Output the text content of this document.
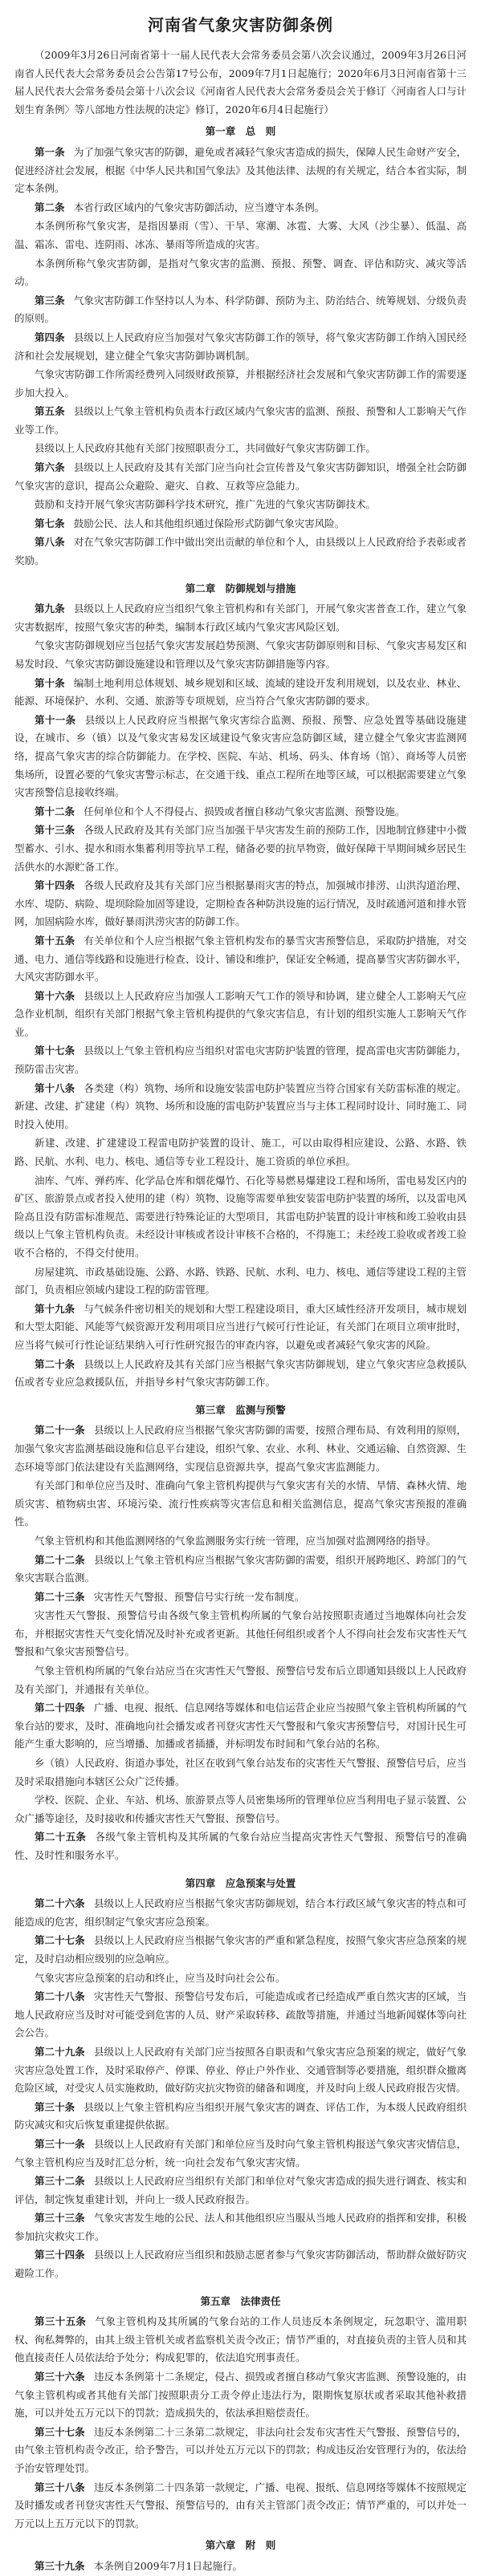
河南省气象灾害防御条例
（2009年3月26日河南省第十一届人民代表大会常务委员会第八次会议通过，2009年3月26日河南省人民代表大会常务委员会公告第17号公布，2009年7月1日起施行；2020年6月3日河南省第十三届人民代表大会常务委员会第十八次会议《河南省人民代表大会常务委员会关于修订〈河南省人口与计划生育条例〉等八部地方性法规的决定》修订，2020年6月4日起施行）
第一章　总　则
第一条 为了加强气象灾害的防御，避免或者减轻气象灾害造成的损失，保障人民生命财产安全，促进经济社会发展，根据《中华人民共和国气象法》及其他法律、法规的有关规定，结合本省实际，制定本条例。
第二条 本省行政区域内的气象灾害防御活动，应当遵守本条例。
本条例所称气象灾害，是指因暴雨（雪）、干旱、寒潮、冰雹、大雾、大风（沙尘暴）、低温、高温、霜冻、雷电、连阴雨、冰冻、暴雨等所造成的灾害。
本条例所称气象灾害防御，是指对气象灾害的监测、预报、预警、调查、评估和防灾、减灾等活动。
第三条 气象灾害防御工作坚持以人为本、科学防御、预防为主、防治结合、统筹规划、分级负责的原则。
第四条 县级以上人民政府应当加强对气象灾害防御工作的领导，将气象灾害防御工作纳入国民经济和社会发展规划，建立健全气象灾害防御协调机制。
气象灾害防御工作所需经费列入同级财政预算，并根据经济社会发展和气象灾害防御工作的需要逐步加大投入。
第五条 县级以上气象主管机构负责本行政区域内气象灾害的监测、预报、预警和人工影响天气作业等工作。
县级以上人民政府其他有关部门按照职责分工，共同做好气象灾害防御工作。
第六条 县级以上人民政府及其有关部门应当向社会宣传普及气象灾害防御知识，增强全社会防御气象灾害的意识，提高公众避险、避灾、自救、互救等应急能力。
鼓励和支持开展气象灾害防御科学技术研究，推广先进的气象灾害防御技术。
第七条 鼓励公民、法人和其他组织通过保险形式防御气象灾害风险。
第八条 对在气象灾害防御工作中做出突出贡献的单位和个人，由县级以上人民政府给予表彰或者奖励。
第二章　防御规划与措施
第九条 县级以上人民政府应当组织气象主管机构和有关部门，开展气象灾害普查工作，建立气象灾害数据库，按照气象灾害的种类，编制本行政区域内气象灾害风险区划。
气象灾害防御规划应当包括气象灾害发展趋势预测、气象灾害防御原则和目标、气象灾害易发区和易发时段、气象灾害防御设施建设和管理以及气象灾害防御措施等内容。
第十条 编制土地利用总体规划、城乡规划和区域、流域的建设开发利用规划，以及农业、林业、能源、环境保护、水利、交通、旅游等专项规划，应当符合气象灾害防御的要求。
第十一条 县级以上人民政府应当根据气象灾害综合监测、预报、预警、应急处置等基础设施建设，在城市、乡（镇）以及气象灾害易发区域建设气象灾害应急防御区域，建立健全气象灾害监测网络，提高气象灾害的综合防御能力。在学校、医院、车站、机场、码头、体育场（馆）、商场等人员密集场所，设置必要的气象灾害警示标志，在交通干线、重点工程所在地等区域，可以根据需要建立气象灾害预警信息接收终端。
第十二条 任何单位和个人不得侵占、损毁或者擅自移动气象灾害监测、预警设施。
第十三条 各级人民政府及其有关部门应当加强干旱灾害发生前的预防工作，因地制宜修建中小微型蓄水、引水、提水和雨水集蓄利用等抗旱工程，储备必要的抗旱物资，做好保障干旱期间城乡居民生活供水的水源贮备工作。
第十四条 各级人民政府及其有关部门应当根据暴雨灾害的特点，加强城市排涝、山洪沟道治理、水库、堤防、病险、堤坝除险加固等建设，定期检查各种防洪设施的运行情况，及时疏通河道和排水管网，加固病险水库，做好暴雨洪涝灾害的防御工作。
第十五条 有关单位和个人应当根据气象主管机构发布的暴雪灾害预警信息，采取防护措施，对交通、电力、通信等线路和设施进行检查、设计、铺设和维护，保证安全畅通，提高暴雪灾害防御水平，大风灾害防御水平。
第十六条 县级以上人民政府应当加强人工影响天气工作的领导和协调，建立健全人工影响天气应急作业机制，组织有关部门根据气象主管机构提供的气象灾害信息，有计划的组织实施人工影响天气作业。
第十七条 县级以上气象主管机构应当组织对雷电灾害防护装置的管理，提高雷电灾害防御能力，预防雷击灾害。
第十八条 各类建（构）筑物、场所和设施安装雷电防护装置应当符合国家有关防雷标准的规定。新建、改建、扩建建（构）筑物、场所和设施的雷电防护装置应当与主体工程同时设计、同时施工、同时投入使用。
新建、改建、扩建建设工程雷电防护装置的设计、施工，可以由取得相应建设、公路、水路、铁路、民航、水利、电力、核电、通信等专业工程设计、施工资质的单位承担。
油库、气库、弹药库、化学品仓库和烟花爆竹、石化等易燃易爆建设工程和场所，雷电易发区内的矿区、旅游景点或者投入使用的建（构）筑物、设施等需要单独安装雷电防护装置的场所，以及雷电风险高且没有防雷标准规范、需要进行特殊论证的大型项目，其雷电防护装置的设计审核和竣工验收由县级以上气象主管机构负责。未经设计审核或者设计审核不合格的，不得施工；未经竣工验收或者竣工验收不合格的，不得交付使用。
房屋建筑、市政基础设施、公路、水路、铁路、民航、水利、电力、核电、通信等建设工程的主管部门，负责相应领域内建设工程的防雷管理。
第十九条 与气候条件密切相关的规划和大型工程建设项目，重大区域性经济开发项目，城市规划和大型太阳能、风能等气候资源开发利用项目应当进行气候可行性论证，有关部门在项目立项审批时，应当将气候可行性论证结果纳入可行性研究报告的审查内容，以避免或者减轻气象灾害的风险。
第二十条 县级以上人民政府及其有关部门应当根据气象灾害防御规划，建立气象灾害应急救援队伍或者专业应急救援队伍，并指导乡村气象灾害防御工作。
第三章　监测与预警
第二十一条 县级以上人民政府应当根据气象灾害防御的需要，按照合理布局、有效利用的原则，加强气象灾害监测基础设施和信息平台建设，组织气象、农业、水利、林业、交通运输、自然资源、生态环境等部门依法建设有关监测网络，实现信息资源共享，提高气象灾害监测能力。
有关部门和单位应当及时、准确向气象主管机构提供与气象灾害有关的水情、旱情、森林火情、地质灾害、植物病虫害、环境污染、流行性疾病等灾害信息和相关监测信息，提高气象灾害预报的准确性。
气象主管机构和其他监测网络的气象监测服务实行统一管理，应当加强对监测网络的指导。
第二十二条 县级以上气象主管机构应当根据气象灾害防御的需要，组织开展跨地区、跨部门的气象灾害联合监测。
第二十三条 灾害性天气警报、预警信号实行统一发布制度。
灾害性天气警报、预警信号由各级气象主管机构所属的气象台站按照职责通过当地媒体向社会发布，并根据灾害性天气变化情况及时补充或者更新。其他任何组织或者个人不得向社会发布灾害性天气警报和气象灾害预警信号。
气象主管机构所属的气象台站应当在灾害性天气警报、预警信号发布后立即通知县级以上人民政府及有关部门，并通报有关单位。
第二十四条 广播、电视、报纸、信息网络等媒体和电信运营企业应当按照气象主管机构所属的气象台站的要求，及时、准确地向社会播发或者刊登灾害性天气警报和气象灾害预警信号，对国计民生可能产生重大影响的，应当增播、加播或者插播，并标明发布时间和气象台站的名称。
乡（镇）人民政府、街道办事处，社区在收到气象台站发布的灾害性天气警报、预警信号后，应当及时采取措施向本辖区公众广泛传播。
学校、医院、企业、车站、机场、旅游景点等人员密集场所的管理单位应当利用电子显示装置、公众广播等途径，及时接收和传播灾害性天气警报、预警信号。
第二十五条 各级气象主管机构及其所属的气象台站应当提高灾害性天气警报、预警信号的准确性、及时性和服务水平。
第四章　应急预案与处置
第二十六条 县级以上人民政府应当根据气象灾害防御规划，结合本行政区域气象灾害的特点和可能造成的危害，组织制定气象灾害应急预案。
第二十七条 县级以上人民政府应当根据气象灾害的严重和紧急程度，按照气象灾害应急预案的规定，及时启动相应级别的应急响应。
气象灾害应急预案的启动和终止，应当及时向社会公布。
第二十八条 灾害性天气警报、预警信号发布后，可能造成或者已经造成严重自然灾害的区域，当地人民政府应当及时对可能受到危害的人员、财产采取转移、疏散等措施，并通过当地新闻媒体等向社会公告。
第二十九条 县级以上人民政府有关部门应当按照各自职责和气象灾害应急预案的规定，做好气象灾害应急处置工作，及时采取停产、停课、停业、停止户外作业、交通管制等必要措施，组织群众撤离危险区域，对受灾人员实施救助，做好防灾抗灾物资的储备和调度，并及时向上级人民政府报告灾情。
第三十条 县级以上气象主管机构应当组织开展气象灾害的调查、评估工作，为本级人民政府组织防灾减灾和灾后恢复重建提供依据。
第三十一条 县级以上人民政府有关部门和单位应当及时向气象主管机构报送气象灾害灾情信息，气象主管机构应当及时汇总分析，统一向社会发布气象灾害灾情。
第三十二条 县级以上人民政府应当组织有关部门和单位对气象灾害造成的损失进行调查、核实和评估，制定恢复重建计划，并向上一级人民政府报告。
第三十三条 气象灾害发生地的公民、法人和其他组织应当服从当地人民政府的指挥和安排，积极参加抗灾救灾工作。
第三十四条 县级以上人民政府应当组织和鼓励志愿者参与气象灾害防御活动，帮助群众做好防灾避险工作。
第五章　法律责任
第三十五条 气象主管机构及其所属的气象台站的工作人员违反本条例规定，玩忽职守、滥用职权、徇私舞弊的，由其上级主管机关或者监察机关责令改正；情节严重的，对直接负责的主管人员和其他直接责任人员依法给予处分；构成犯罪的，依法追究刑事责任。
第三十六条 违反本条例第十二条规定，侵占、损毁或者擅自移动气象灾害监测、预警设施的，由气象主管机构或者其他有关部门按照职责分工责令停止违法行为，限期恢复原状或者采取其他补救措施，可以并处五万元以下的罚款；造成损失的，依法承担赔偿责任。
第三十七条 违反本条例第二十三条第二款规定，非法向社会发布灾害性天气警报、预警信号的，由气象主管机构责令改正，给予警告，可以并处五万元以下的罚款；构成违反治安管理行为的，依法给予治安管理处罚。
第三十八条 违反本条例第二十四条第一款规定，广播、电视、报纸、信息网络等媒体不按照规定及时播发或者刊登灾害性天气警报、预警信号的，由有关主管部门责令改正；情节严重的，可以并处一万元以上五万元以下的罚款。
第六章　附　则
第三十九条 本条例自2009年7月1日起施行。
